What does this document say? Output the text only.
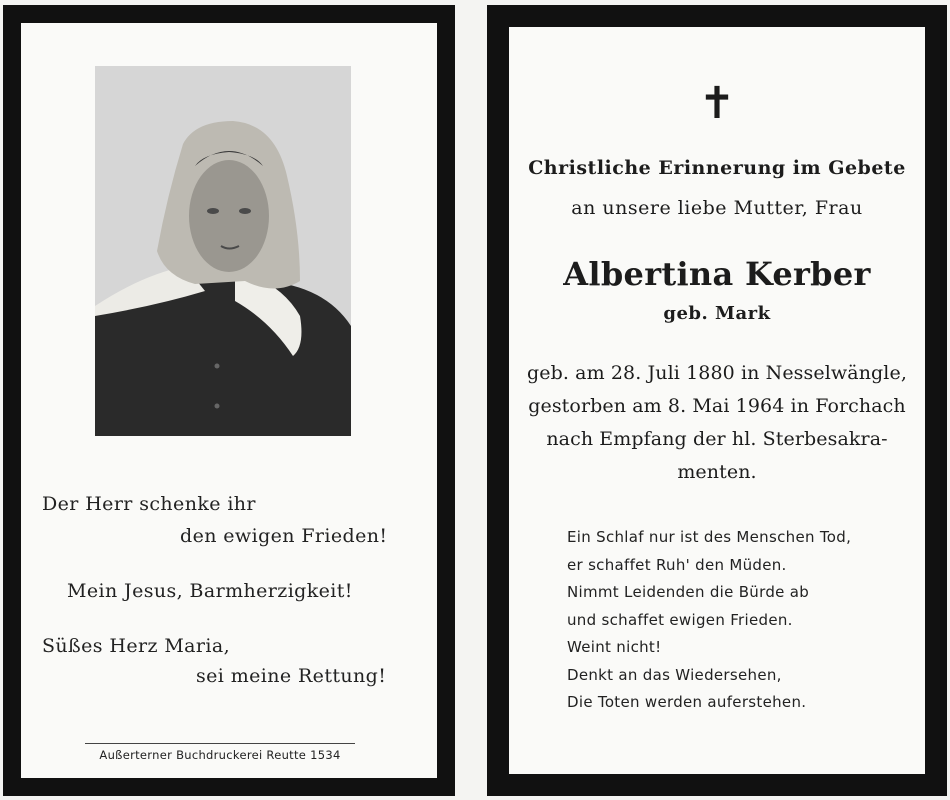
Der Herr schenke ihr
den ewigen Frieden!
Mein Jesus, Barmherzigkeit!
Süßes Herz Maria,
sei meine Rettung!
Außerterner Buchdruckerei Reutte 1534
✝
Christliche Erinnerung im Gebete
an unsere liebe Mutter, Frau
Albertina Kerber
geb. Mark
geb. am 28. Juli 1880 in Nesselwängle,
gestorben am 8. Mai 1964 in Forchach
nach Empfang der hl. Sterbesakra-
menten.
Ein Schlaf nur ist des Menschen Tod,
er schaffet Ruh' den Müden.
Nimmt Leidenden die Bürde ab
und schaffet ewigen Frieden.
Weint nicht!
Denkt an das Wiedersehen,
Die Toten werden auferstehen.
